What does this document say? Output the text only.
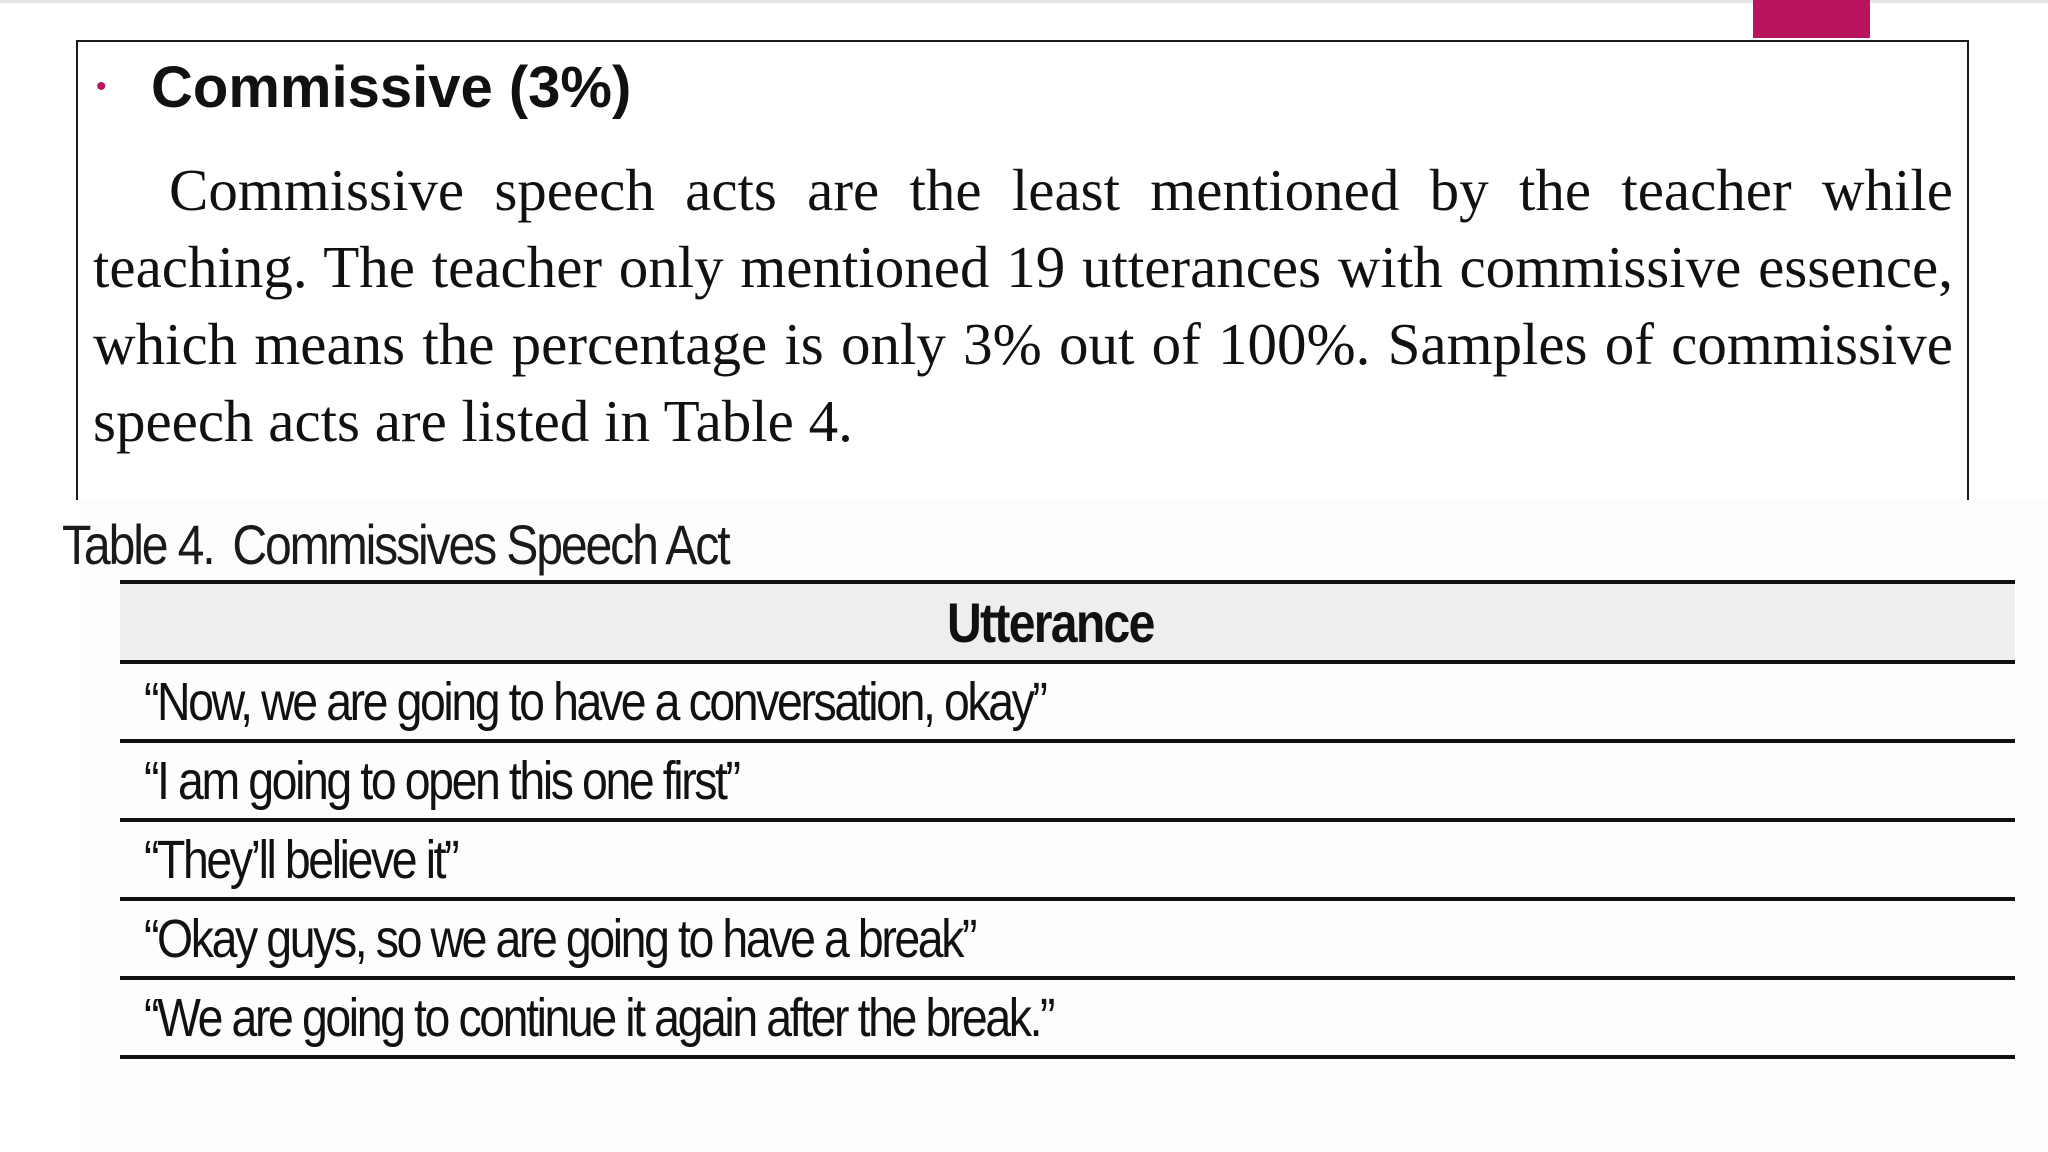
• Commissive (3%)

Commissive speech acts are the least mentioned by the teacher while teaching. The teacher only mentioned 19 utterances with commissive essence, which means the percentage is only 3% out of 100%. Samples of commissive speech acts are listed in Table 4.

Table 4. Commissives Speech Act
Utterance
“Now, we are going to have a conversation, okay”
“I am going to open this one first”
“They’ll believe it”
“Okay guys, so we are going to have a break”
“We are going to continue it again after the break.”
